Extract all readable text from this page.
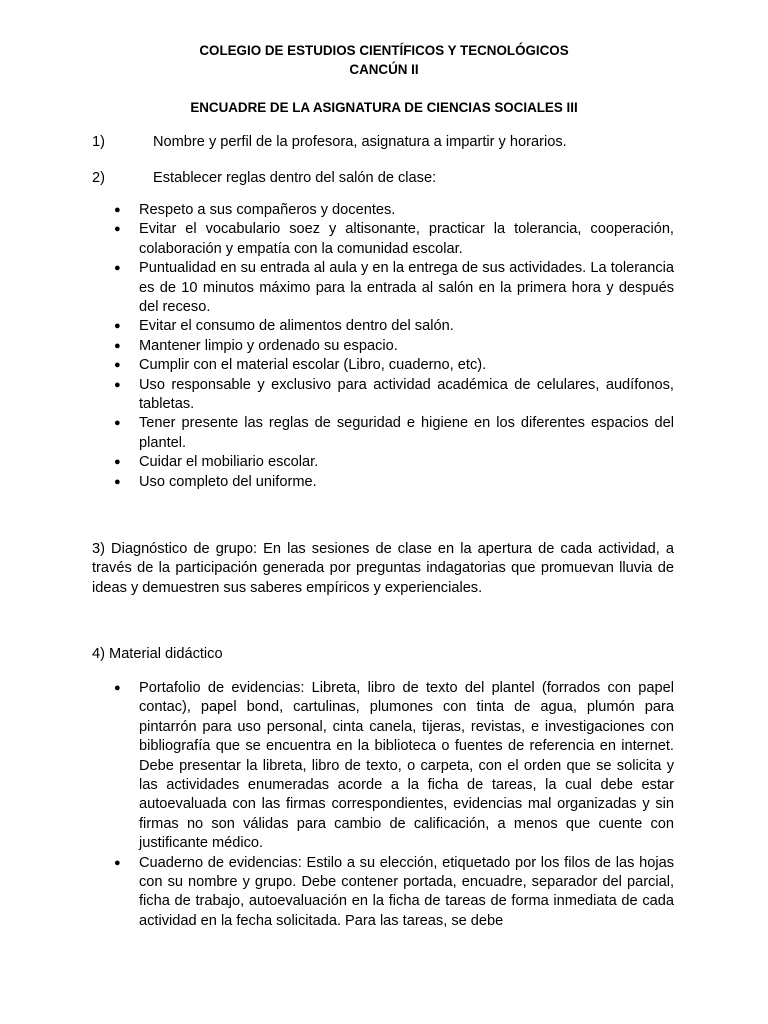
COLEGIO DE ESTUDIOS CIENTÍFICOS Y TECNOLÓGICOS
CANCÚN II
ENCUADRE DE LA ASIGNATURA DE CIENCIAS SOCIALES III
1)	Nombre y perfil de la profesora, asignatura a impartir y horarios.
2)	Establecer reglas dentro del salón de clase:
● Respeto a sus compañeros y docentes.
● Evitar el vocabulario soez y altisonante, practicar la tolerancia, cooperación, colaboración y empatía con la comunidad escolar.
● Puntualidad en su entrada al aula y en la entrega de sus actividades. La tolerancia es de 10 minutos máximo para la entrada al salón en la primera hora y después del receso.
● Evitar el consumo de alimentos dentro del salón.
● Mantener limpio y ordenado su espacio.
● Cumplir con el material escolar (Libro, cuaderno, etc).
● Uso responsable y exclusivo para actividad académica de celulares, audífonos, tabletas.
● Tener presente las reglas de seguridad e higiene en los diferentes espacios del plantel.
● Cuidar el mobiliario escolar.
● Uso completo del uniforme.
3) Diagnóstico de grupo: En las sesiones de clase en la apertura de cada actividad, a través de la participación generada por preguntas indagatorias que promuevan lluvia de ideas y demuestren sus saberes empíricos y experienciales.
4) Material didáctico
● Portafolio de evidencias: Libreta, libro de texto del plantel (forrados con papel contac), papel bond, cartulinas, plumones con tinta de agua, plumón para pintarrón para uso personal, cinta canela, tijeras, revistas, e investigaciones con bibliografía que se encuentra en la biblioteca o fuentes de referencia en internet. Debe presentar la libreta, libro de texto, o carpeta, con el orden que se solicita y las actividades enumeradas acorde a la ficha de tareas, la cual debe estar autoevaluada con las firmas correspondientes, evidencias mal organizadas y sin firmas no son válidas para cambio de calificación, a menos que cuente con justificante médico.
● Cuaderno de evidencias: Estilo a su elección, etiquetado por los filos de las hojas con su nombre y grupo. Debe contener portada, encuadre, separador del parcial, ficha de trabajo, autoevaluación en la ficha de tareas de forma inmediata de cada actividad en la fecha solicitada. Para las tareas, se debe
